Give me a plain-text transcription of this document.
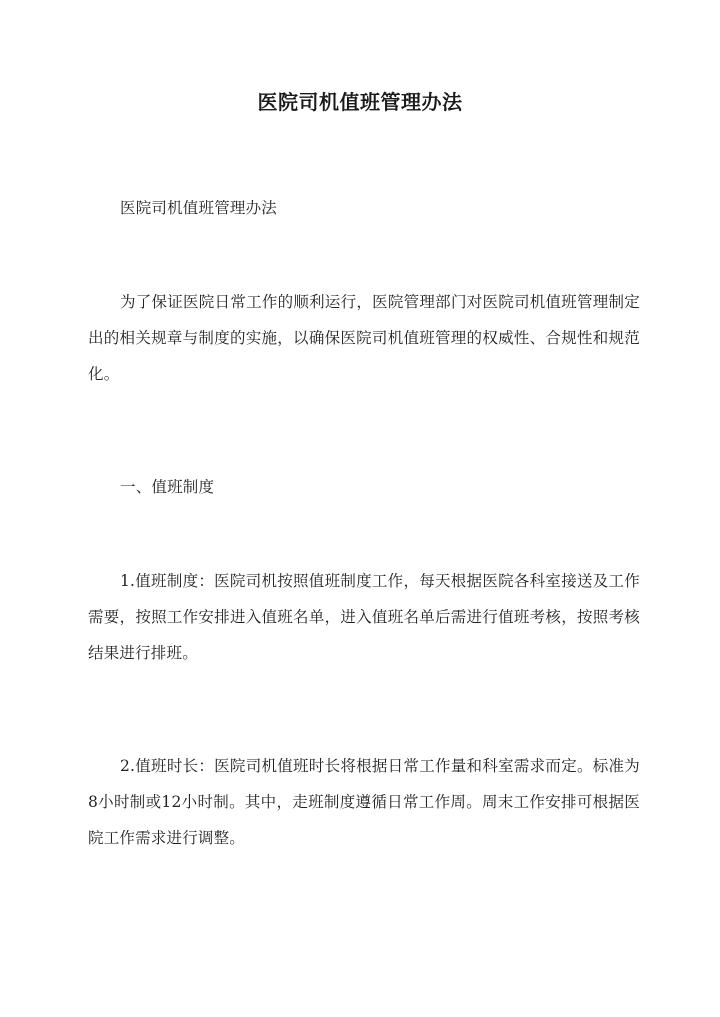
医院司机值班管理办法

医院司机值班管理办法

为了保证医院日常工作的顺利运行，医院管理部门对医院司机值班管理制定出的相关规章与制度的实施，以确保医院司机值班管理的权威性、合规性和规范化。

一、值班制度

1.值班制度：医院司机按照值班制度工作，每天根据医院各科室接送及工作需要，按照工作安排进入值班名单，进入值班名单后需进行值班考核，按照考核结果进行排班。

2.值班时长：医院司机值班时长将根据日常工作量和科室需求而定。标准为8小时制或12小时制。其中，走班制度遵循日常工作周。周末工作安排可根据医院工作需求进行调整。
